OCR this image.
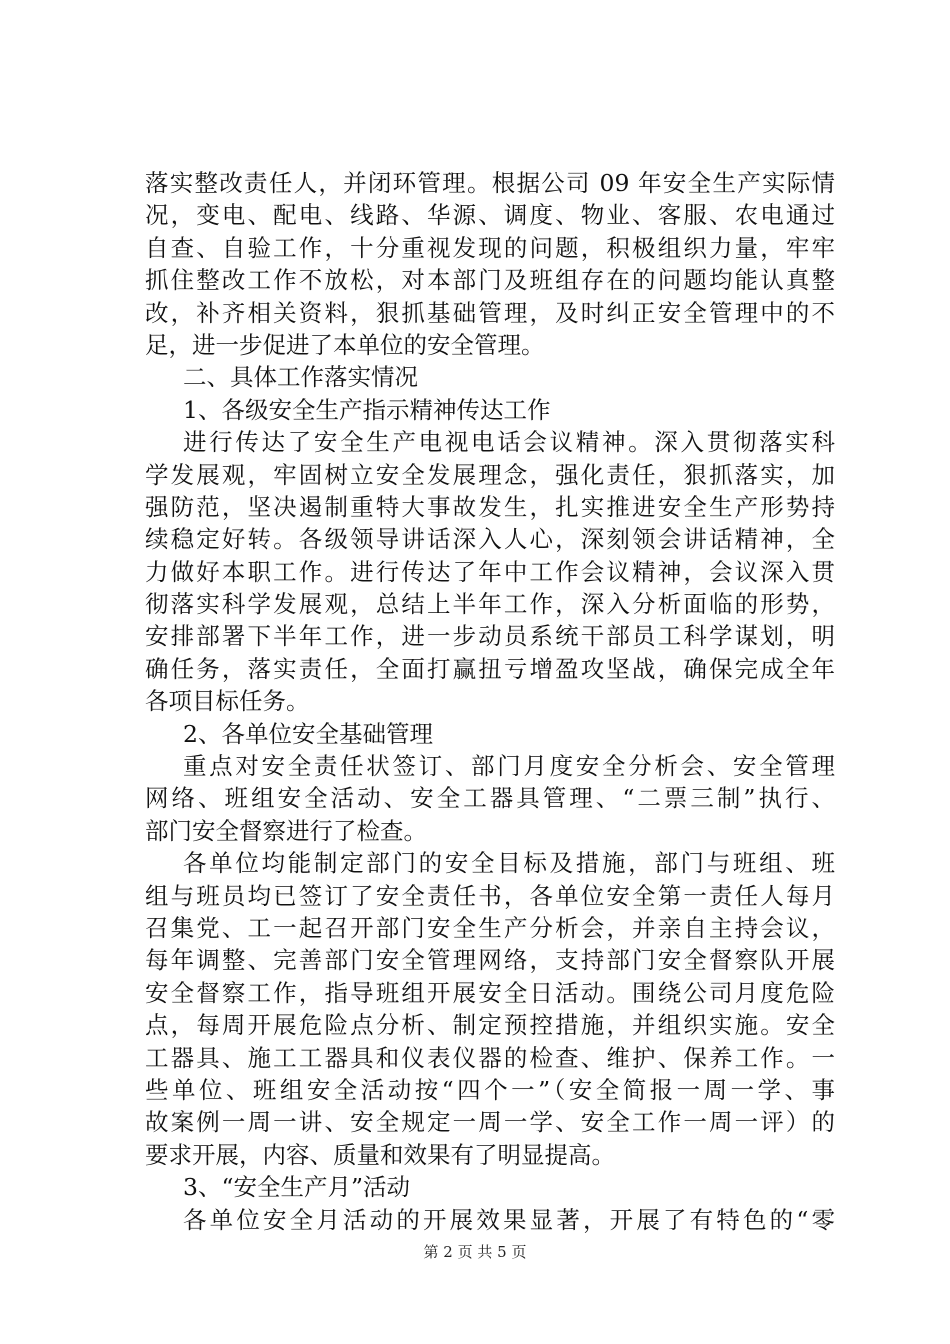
落实整改责任人，并闭环管理。根据公司 09 年安全生产实际情
况，变电、配电、线路、华源、调度、物业、客服、农电通过
自查、自验工作，十分重视发现的问题，积极组织力量，牢牢
抓住整改工作不放松，对本部门及班组存在的问题均能认真整
改，补齐相关资料，狠抓基础管理，及时纠正安全管理中的不
足，进一步促进了本单位的安全管理。
二、具体工作落实情况
1、各级安全生产指示精神传达工作
进行传达了安全生产电视电话会议精神。深入贯彻落实科
学发展观，牢固树立安全发展理念，强化责任，狠抓落实，加
强防范，坚决遏制重特大事故发生，扎实推进安全生产形势持
续稳定好转。各级领导讲话深入人心，深刻领会讲话精神，全
力做好本职工作。进行传达了年中工作会议精神，会议深入贯
彻落实科学发展观，总结上半年工作，深入分析面临的形势，
安排部署下半年工作，进一步动员系统干部员工科学谋划，明
确任务，落实责任，全面打赢扭亏增盈攻坚战，确保完成全年
各项目标任务。
2、各单位安全基础管理
重点对安全责任状签订、部门月度安全分析会、安全管理
网络、班组安全活动、安全工器具管理、“二票三制”执行、
部门安全督察进行了检查。
各单位均能制定部门的安全目标及措施，部门与班组、班
组与班员均已签订了安全责任书，各单位安全第一责任人每月
召集党、工一起召开部门安全生产分析会，并亲自主持会议，
每年调整、完善部门安全管理网络，支持部门安全督察队开展
安全督察工作，指导班组开展安全日活动。围绕公司月度危险
点，每周开展危险点分析、制定预控措施，并组织实施。安全
工器具、施工工器具和仪表仪器的检查、维护、保养工作。一
些单位、班组安全活动按“四个一”（安全简报一周一学、事
故案例一周一讲、安全规定一周一学、安全工作一周一评）的
要求开展，内容、质量和效果有了明显提高。
3、“安全生产月”活动
各单位安全月活动的开展效果显著，开展了有特色的“零
第 2 页 共 5 页
